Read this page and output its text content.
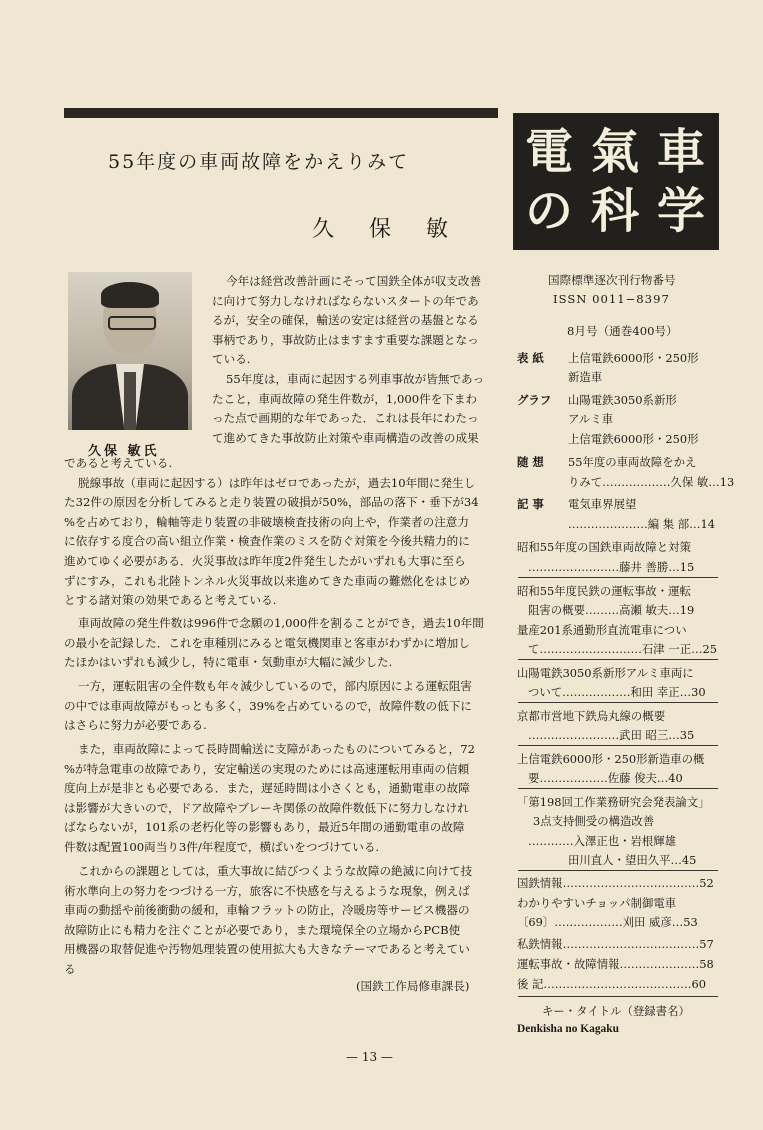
55年度の車両故障をかえりみて
久 保 敏
電 氣 車
の 科 学
久保 敏氏
今年は経営改善計画にそって国鉄全体が収支改善
に向けて努力しなければならないスタートの年であ
るが，安全の確保，輸送の安定は経営の基盤となる
事柄であり，事故防止はますます重要な課題となっ
ている.
55年度は，車両に起因する列車事故が皆無であっ
たこと，車両故障の発生件数が，1,000件を下まわ
った点で画期的な年であった．これは長年にわたっ
て進めてきた事故防止対策や車両構造の改善の成果
であると考えている.
脱線事故（車両に起因する）は昨年はゼロであったが，過去10年間に発生し
た32件の原因を分析してみると走り装置の破損が50%，部品の落下・垂下が34
%を占めており，輪軸等走り装置の非破壊検査技術の向上や，作業者の注意力
に依存する度合の高い組立作業・検査作業のミスを防ぐ対策を今後共精力的に
進めてゆく必要がある．火災事故は昨年度2件発生したがいずれも大事に至ら
ずにすみ，これも北陸トンネル火災事故以来進めてきた車両の難燃化をはじめ
とする諸対策の効果であると考えている.
車両故障の発生件数は996件で念願の1,000件を割ることができ，過去10年間
の最小を記録した．これを車種別にみると電気機関車と客車がわずかに増加し
たほかはいずれも減少し，特に電車・気動車が大幅に減少した.
一方，運転阻害の全件数も年々減少しているので，部内原因による運転阻害
の中では車両故障がもっとも多く，39%を占めているので，故障件数の低下に
はさらに努力が必要である.
また，車両故障によって長時間輸送に支障があったものについてみると，72
%が特急電車の故障であり，安定輸送の実現のためには高速運転用車両の信頼
度向上が是非とも必要である．また，遅延時間は小さくとも，通勤電車の故障
は影響が大きいので，ドア故障やブレーキ関係の故障件数低下に努力しなけれ
ばならないが，101系の老朽化等の影響もあり，最近5年間の通勤電車の故障
件数は配置100両当り3件/年程度で，横ばいをつづけている.
これからの課題としては，重大事故に結びつくような故障の絶滅に向けて技
術水準向上の努力をつづける一方，旅客に不快感を与えるような現象，例えば
車両の動揺や前後衝動の緩和，車輪フラットの防止，冷暖房等サービス機器の
故障防止にも精力を注ぐことが必要であり，また環境保全の立場からPCB使
用機器の取替促進や汚物処理装置の使用拡大も大きなテーマであると考えてい
る
(国鉄工作局修車課長)
国際標準逐次刊行物番号
ISSN 0011−8397
8月号（通巻400号）
表 紙 上信電鉄6000形・250形
新造車
グラフ 山陽電鉄3050系新形
アルミ車
上信電鉄6000形・250形
随 想 55年度の車両故障をかえ
りみて………………久保 敏…13
記 事 電気車界展望
…………………編 集 部…14
昭和55年度の国鉄車両故障と対策
……………………藤井 善勝…15
昭和55年度民鉄の運転事故・運転
阻害の概要………高瀬 敏夫…19
量産201系通勤形直流電車につい
て………………………石津 一正…25
山陽電鉄3050系新形アルミ車両に
ついて………………和田 幸正…30
京都市営地下鉄烏丸線の概要
……………………武田 昭三…35
上信電鉄6000形・250形新造車の概
要………………佐藤 俊夫…40
「第198回工作業務研究会発表論文」
3点支持側受の構造改善
…………入澤正也・岩根輝雄
田川直人・望田久平…45
国鉄情報………………………………52
わかりやすいチョッパ制御電車
〔69〕………………刈田 威彦…53
私鉄情報………………………………57
運転事故・故障情報…………………58
後 記…………………………………60
キー・タイトル（登録書名）
Denkisha no Kagaku
— 13 —
